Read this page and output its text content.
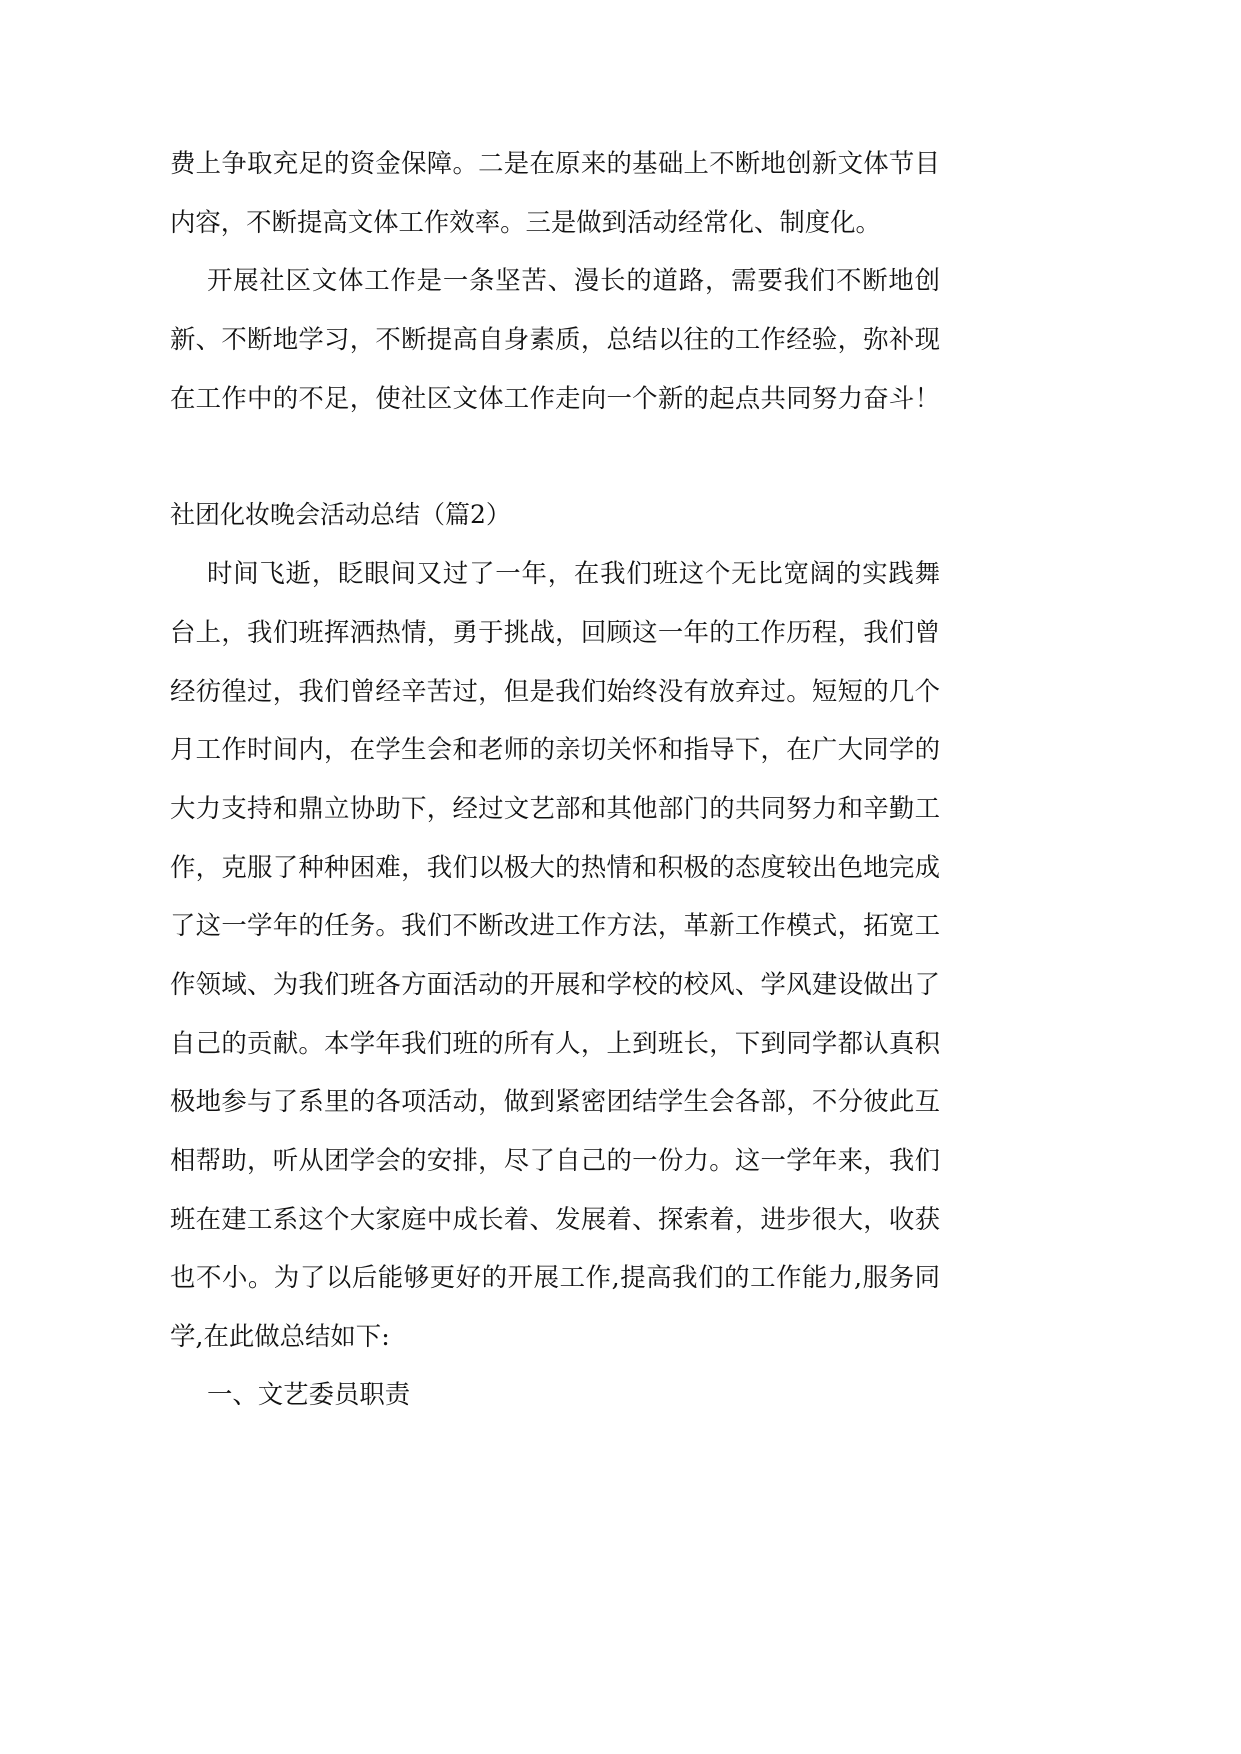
费上争取充足的资金保障。二是在原来的基础上不断地创新文体节目
内容，不断提高文体工作效率。三是做到活动经常化、制度化。
开展社区文体工作是一条坚苦、漫长的道路，需要我们不断地创
新、不断地学习，不断提高自身素质，总结以往的工作经验，弥补现
在工作中的不足，使社区文体工作走向一个新的起点共同努力奋斗！
社团化妆晚会活动总结（篇2）
时间飞逝，眨眼间又过了一年，在我们班这个无比宽阔的实践舞
台上，我们班挥洒热情，勇于挑战，回顾这一年的工作历程，我们曾
经彷徨过，我们曾经辛苦过，但是我们始终没有放弃过。短短的几个
月工作时间内，在学生会和老师的亲切关怀和指导下，在广大同学的
大力支持和鼎立协助下，经过文艺部和其他部门的共同努力和辛勤工
作，克服了种种困难，我们以极大的热情和积极的态度较出色地完成
了这一学年的任务。我们不断改进工作方法，革新工作模式，拓宽工
作领域、为我们班各方面活动的开展和学校的校风、学风建设做出了
自己的贡献。本学年我们班的所有人，上到班长，下到同学都认真积
极地参与了系里的各项活动，做到紧密团结学生会各部，不分彼此互
相帮助，听从团学会的安排，尽了自己的一份力。这一学年来，我们
班在建工系这个大家庭中成长着、发展着、探索着，进步很大，收获
也不小。为了以后能够更好的开展工作,提高我们的工作能力,服务同
学,在此做总结如下:
一、文艺委员职责
